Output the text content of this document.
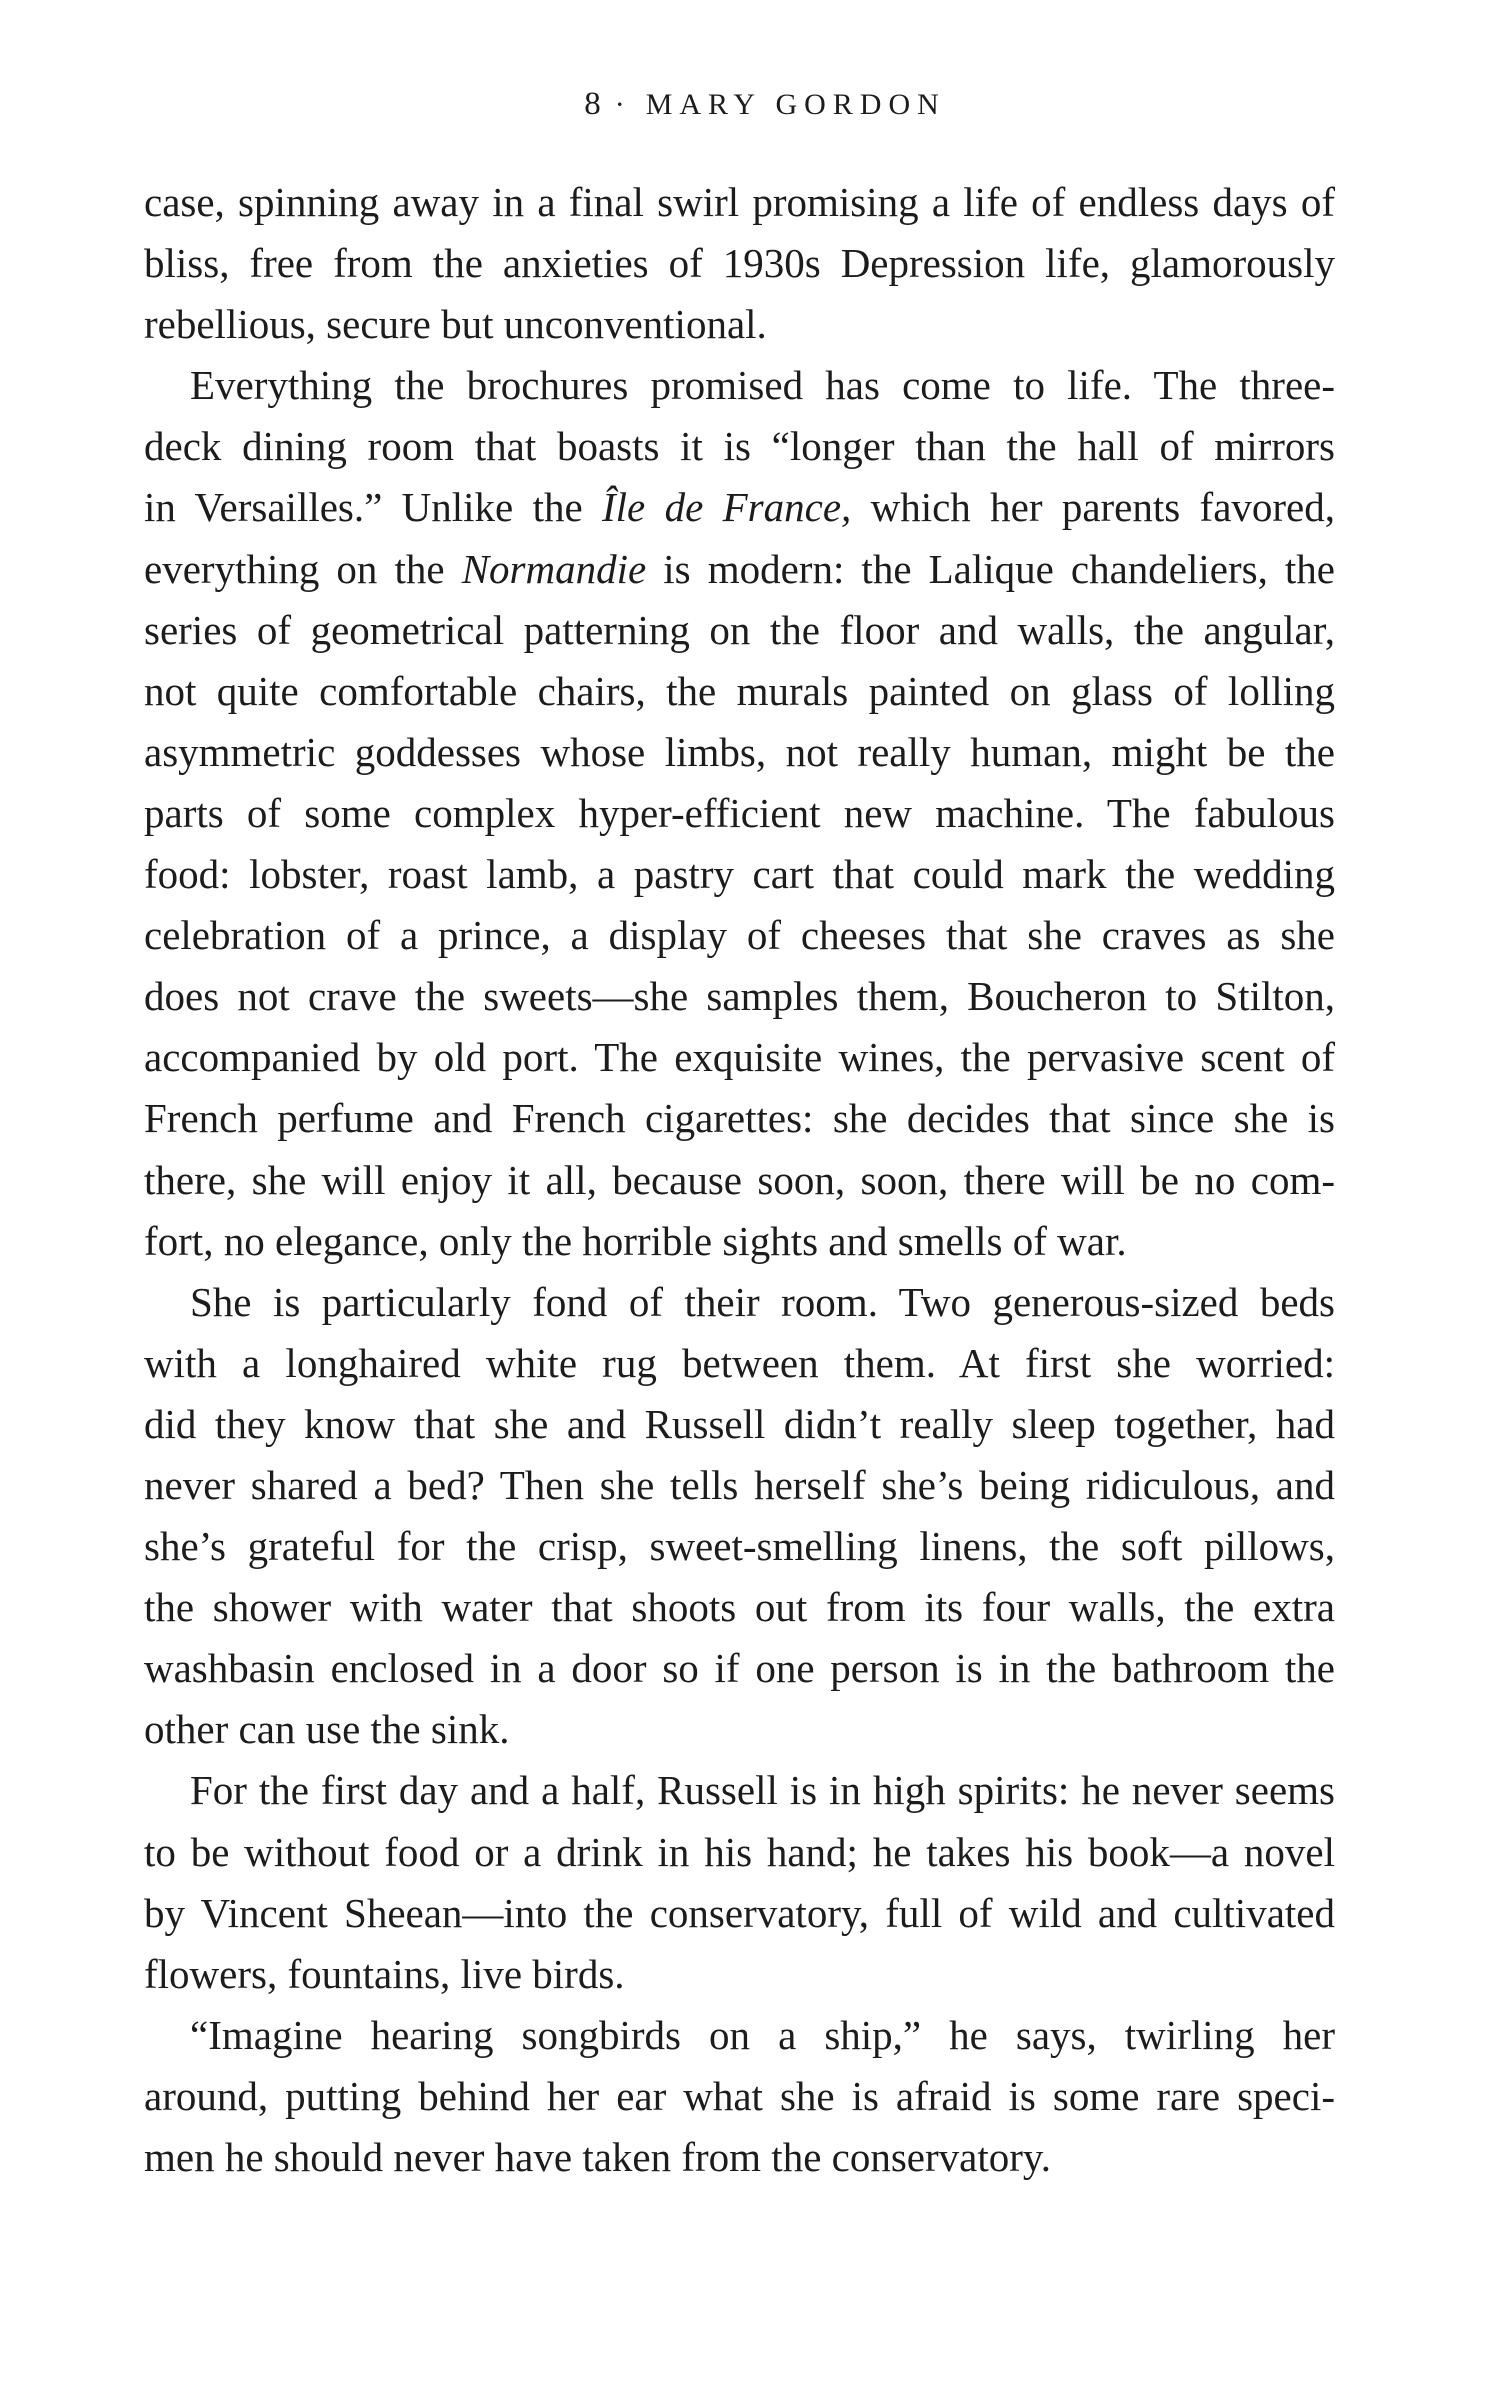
8 · MARY GORDON
case, spinning away in a final swirl promising a life of endless days of
bliss, free from the anxieties of 1930s Depression life, glamorously
rebellious, secure but unconventional.
Everything the brochures promised has come to life. The three-
deck dining room that boasts it is “longer than the hall of mirrors
in Versailles.” Unlike the Île de France, which her parents favored,
everything on the Normandie is modern: the Lalique chandeliers, the
series of geometrical patterning on the floor and walls, the angular,
not quite comfortable chairs, the murals painted on glass of lolling
asymmetric goddesses whose limbs, not really human, might be the
parts of some complex hyper-efficient new machine. The fabulous
food: lobster, roast lamb, a pastry cart that could mark the wedding
celebration of a prince, a display of cheeses that she craves as she
does not crave the sweets—she samples them, Boucheron to Stilton,
accompanied by old port. The exquisite wines, the pervasive scent of
French perfume and French cigarettes: she decides that since she is
there, she will enjoy it all, because soon, soon, there will be no com-
fort, no elegance, only the horrible sights and smells of war.
She is particularly fond of their room. Two generous-sized beds
with a longhaired white rug between them. At first she worried:
did they know that she and Russell didn’t really sleep together, had
never shared a bed? Then she tells herself she’s being ridiculous, and
she’s grateful for the crisp, sweet-smelling linens, the soft pillows,
the shower with water that shoots out from its four walls, the extra
washbasin enclosed in a door so if one person is in the bathroom the
other can use the sink.
For the first day and a half, Russell is in high spirits: he never seems
to be without food or a drink in his hand; he takes his book—a novel
by Vincent Sheean—into the conservatory, full of wild and cultivated
flowers, fountains, live birds.
“Imagine hearing songbirds on a ship,” he says, twirling her
around, putting behind her ear what she is afraid is some rare speci-
men he should never have taken from the conservatory.
